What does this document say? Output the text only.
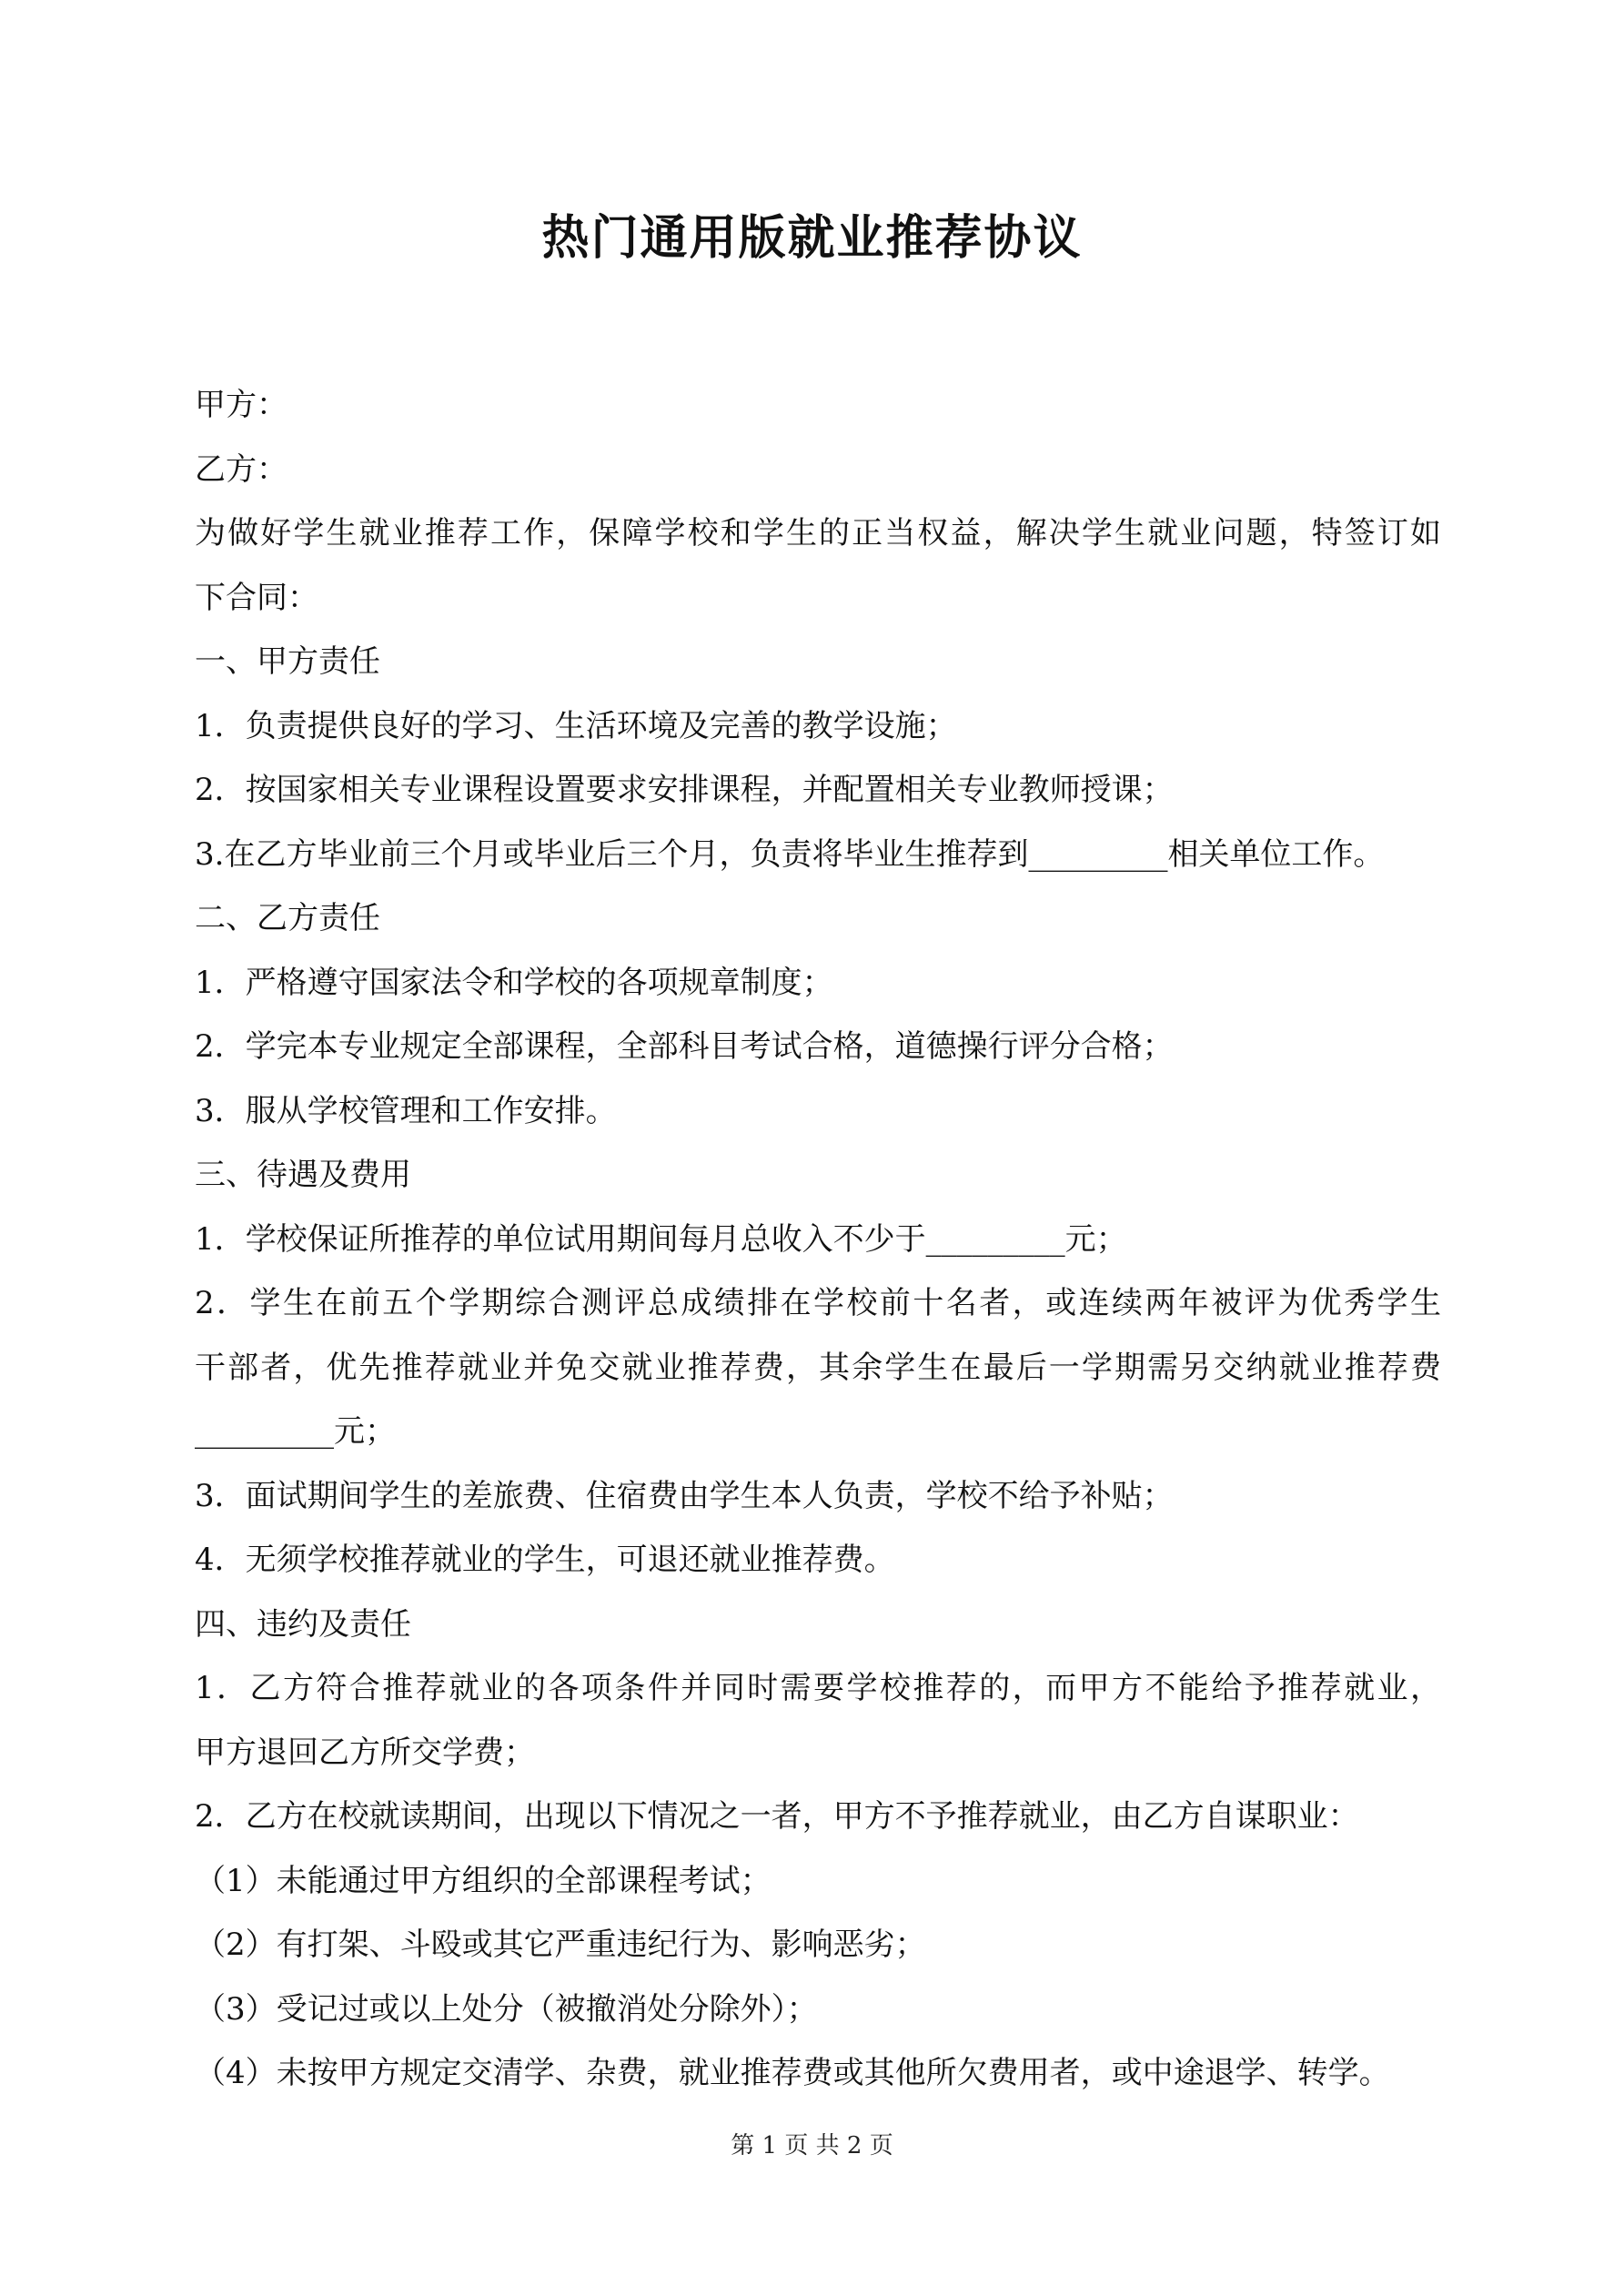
热门通用版就业推荐协议
甲方：
乙方：
为做好学生就业推荐工作，保障学校和学生的正当权益，解决学生就业问题，特签订如
下合同：
一、甲方责任
1．负责提供良好的学习、生活环境及完善的教学设施；
2．按国家相关专业课程设置要求安排课程，并配置相关专业教师授课；
3.在乙方毕业前三个月或毕业后三个月，负责将毕业生推荐到_________相关单位工作。
二、乙方责任
1．严格遵守国家法令和学校的各项规章制度；
2．学完本专业规定全部课程，全部科目考试合格，道德操行评分合格；
3．服从学校管理和工作安排。
三、待遇及费用
1．学校保证所推荐的单位试用期间每月总收入不少于_________元；
2．学生在前五个学期综合测评总成绩排在学校前十名者，或连续两年被评为优秀学生
干部者，优先推荐就业并免交就业推荐费，其余学生在最后一学期需另交纳就业推荐费
_________元；
3．面试期间学生的差旅费、住宿费由学生本人负责，学校不给予补贴；
4．无须学校推荐就业的学生，可退还就业推荐费。
四、违约及责任
1．乙方符合推荐就业的各项条件并同时需要学校推荐的，而甲方不能给予推荐就业，
甲方退回乙方所交学费；
2．乙方在校就读期间，出现以下情况之一者，甲方不予推荐就业，由乙方自谋职业：
（1）未能通过甲方组织的全部课程考试；
（2）有打架、斗殴或其它严重违纪行为、影响恶劣；
（3）受记过或以上处分（被撤消处分除外）；
（4）未按甲方规定交清学、杂费，就业推荐费或其他所欠费用者，或中途退学、转学。
第 1 页 共 2 页
